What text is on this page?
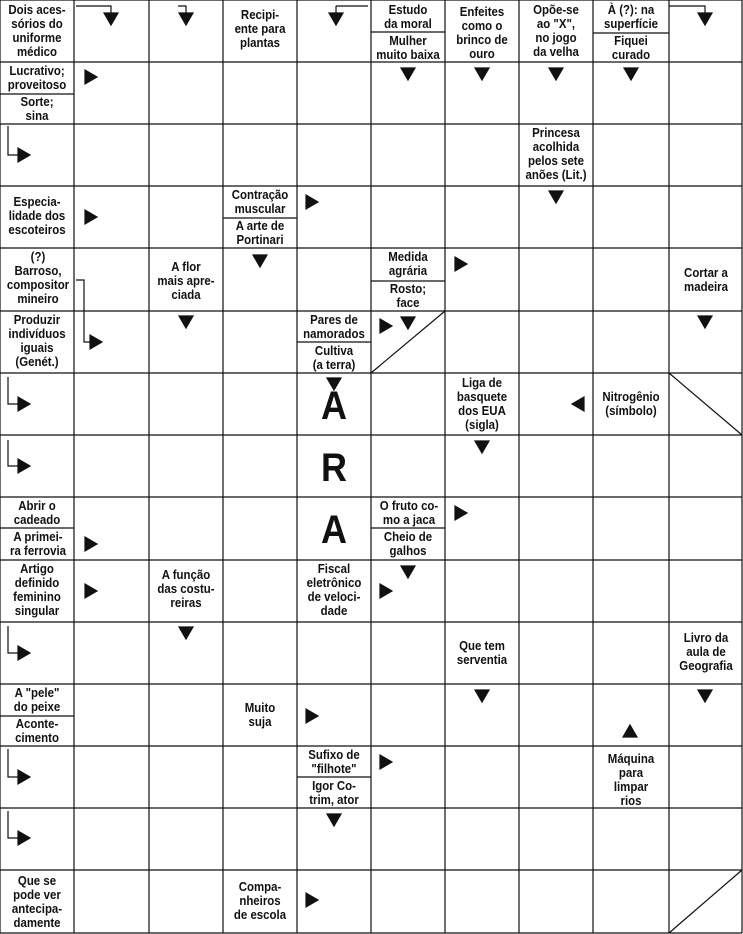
Dois aces-
sórios do
uniforme
médico
Recipi-
ente para
plantas
Estudo
da moral
Mulher
muito baixa
Enfeites
como o
brinco de
ouro
Opõe-se
ao "X",
no jogo
da velha
À (?): na
superfície
Fiquei
curado
Lucrativo;
proveitoso
Sorte;
sina
Princesa
acolhida
pelos sete
anões (Lit.)
Especia-
lidade dos
escoteiros
Contração
muscular
A arte de
Portinari
(?)
Barroso,
compositor
mineiro
A flor
mais apre-
ciada
Medida
agrária
Rosto;
face
Cortar a
madeira
Produzir
indivíduos
iguais
(Genét.)
Pares de
namorados
Cultiva
(a terra)
Liga de
basquete
dos EUA
(sigla)
Nitrogênio
(símbolo)
Abrir o
cadeado
A primei-
ra ferrovia
O fruto co-
mo a jaca
Cheio de
galhos
Artigo
definido
feminino
singular
A função
das costu-
reiras
Fiscal
eletrônico
de veloci-
dade
Que tem
serventia
Livro da
aula de
Geografia
A "pele"
do peixe
Aconte-
cimento
Muito
suja
Sufixo de
"filhote"
Igor Co-
trim, ator
Máquina
para
limpar
rios
Que se
pode ver
antecipa-
damente
Compa-
nheiros
de escola
A
R
A
